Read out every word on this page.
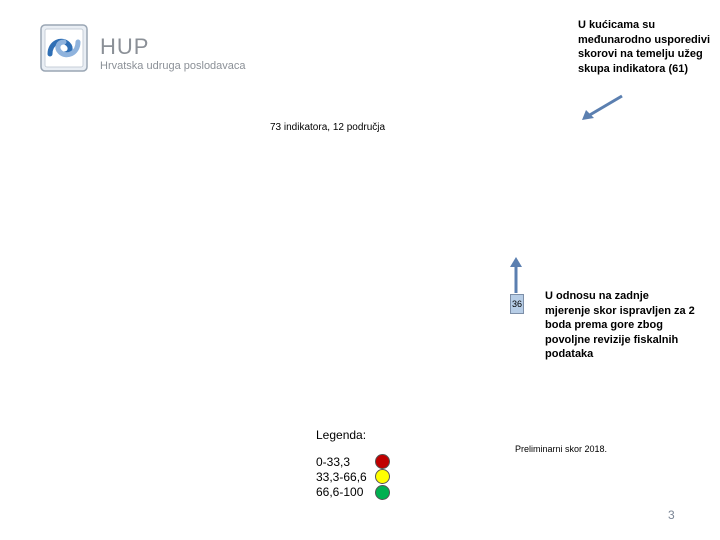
HUP
Hrvatska udruga poslodavaca
U kućicama su međunarodno usporedivi skorovi na temelju užeg skupa indikatora (61)
73 indikatora, 12 područja
36
U odnosu na zadnje mjerenje skor ispravljen za 2 boda prema gore zbog povoljne revizije fiskalnih podataka
Legenda:
Preliminarni skor 2018.
0-33,3
33,3-66,6
66,6-100
3
